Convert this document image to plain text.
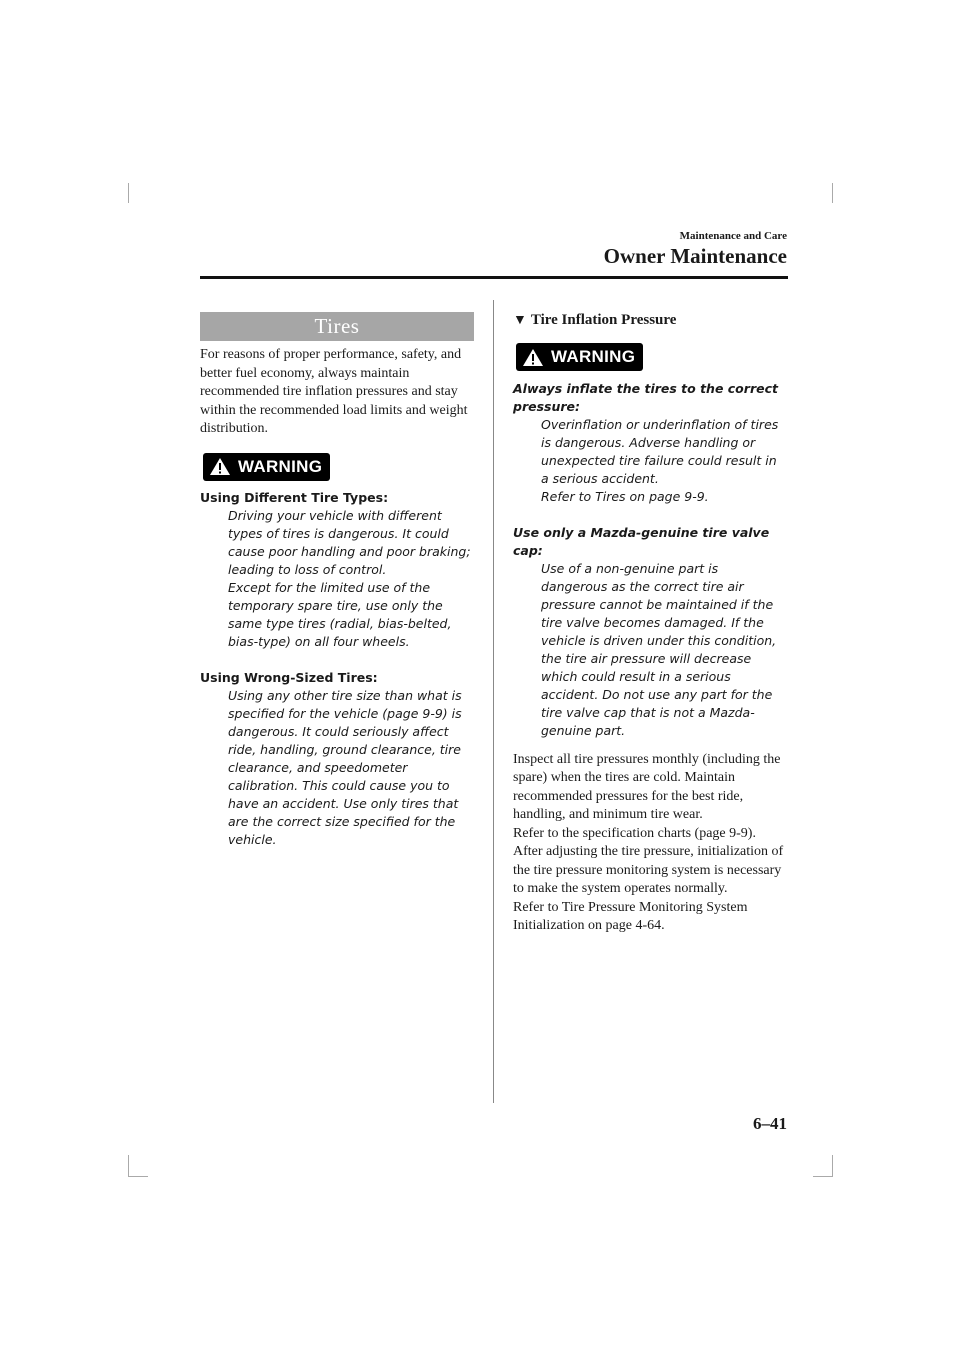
Maintenance and Care
Owner Maintenance
Tires
For reasons of proper performance, safety, and better fuel economy, always maintain recommended tire inflation pressures and stay within the recommended load limits and weight distribution.
WARNING
Using Different Tire Types:
Driving your vehicle with different types of tires is dangerous. It could cause poor handling and poor braking; leading to loss of control.
Except for the limited use of the temporary spare tire, use only the same type tires (radial, bias-belted, bias-type) on all four wheels.
Using Wrong-Sized Tires:
Using any other tire size than what is specified for the vehicle (page 9-9) is dangerous. It could seriously affect ride, handling, ground clearance, tire clearance, and speedometer calibration. This could cause you to have an accident. Use only tires that are the correct size specified for the vehicle.
▼ Tire Inflation Pressure
WARNING
Always inflate the tires to the correct pressure:
Overinflation or underinflation of tires is dangerous. Adverse handling or unexpected tire failure could result in a serious accident.
Refer to Tires on page 9-9.
Use only a Mazda-genuine tire valve cap:
Use of a non-genuine part is dangerous as the correct tire air pressure cannot be maintained if the tire valve becomes damaged. If the vehicle is driven under this condition, the tire air pressure will decrease which could result in a serious accident. Do not use any part for the tire valve cap that is not a Mazda-genuine part.
Inspect all tire pressures monthly (including the spare) when the tires are cold. Maintain recommended pressures for the best ride, handling, and minimum tire wear.
Refer to the specification charts (page 9-9).
After adjusting the tire pressure, initialization of the tire pressure monitoring system is necessary to make the system operates normally.
Refer to Tire Pressure Monitoring System Initialization on page 4-64.
6–41
